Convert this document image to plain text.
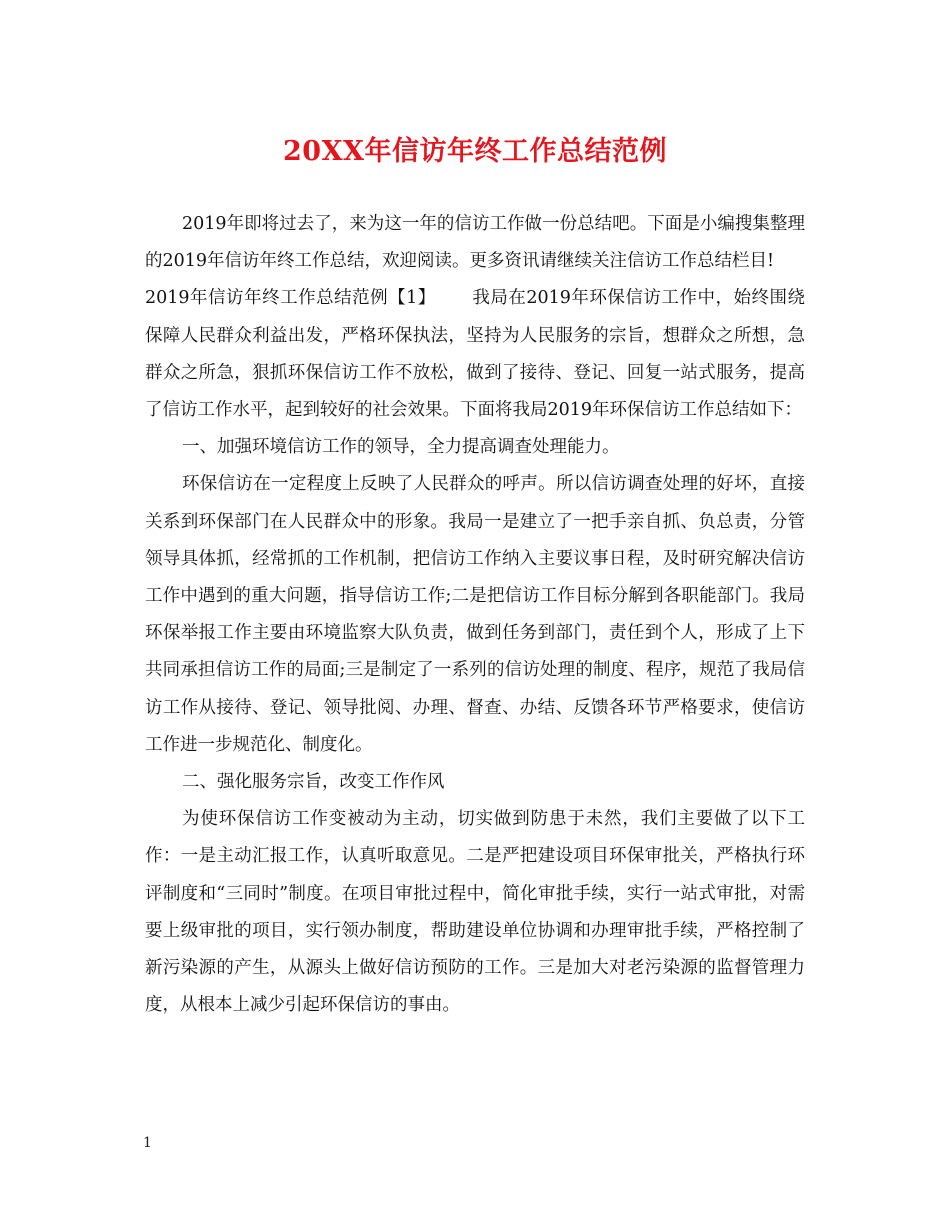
20XX年信访年终工作总结范例

2019年即将过去了，来为这一年的信访工作做一份总结吧。下面是小编搜集整理的2019年信访年终工作总结，欢迎阅读。更多资讯请继续关注信访工作总结栏目!

2019年信访年终工作总结范例【1】 我局在2019年环保信访工作中，始终围绕保障人民群众利益出发，严格环保执法，坚持为人民服务的宗旨，想群众之所想，急群众之所急，狠抓环保信访工作不放松，做到了接待、登记、回复一站式服务，提高了信访工作水平，起到较好的社会效果。下面将我局2019年环保信访工作总结如下：

一、加强环境信访工作的领导，全力提高调查处理能力。

环保信访在一定程度上反映了人民群众的呼声。所以信访调查处理的好坏，直接关系到环保部门在人民群众中的形象。我局一是建立了一把手亲自抓、负总责，分管领导具体抓，经常抓的工作机制，把信访工作纳入主要议事日程，及时研究解决信访工作中遇到的重大问题，指导信访工作;二是把信访工作目标分解到各职能部门。我局环保举报工作主要由环境监察大队负责，做到任务到部门，责任到个人，形成了上下共同承担信访工作的局面;三是制定了一系列的信访处理的制度、程序，规范了我局信访工作从接待、登记、领导批阅、办理、督查、办结、反馈各环节严格要求，使信访工作进一步规范化、制度化。

二、强化服务宗旨，改变工作作风

为使环保信访工作变被动为主动，切实做到防患于未然，我们主要做了以下工作：一是主动汇报工作，认真听取意见。二是严把建设项目环保审批关，严格执行环评制度和“三同时”制度。在项目审批过程中，简化审批手续，实行一站式审批，对需要上级审批的项目，实行领办制度，帮助建设单位协调和办理审批手续，严格控制了新污染源的产生，从源头上做好信访预防的工作。三是加大对老污染源的监督管理力度，从根本上减少引起环保信访的事由。

1
